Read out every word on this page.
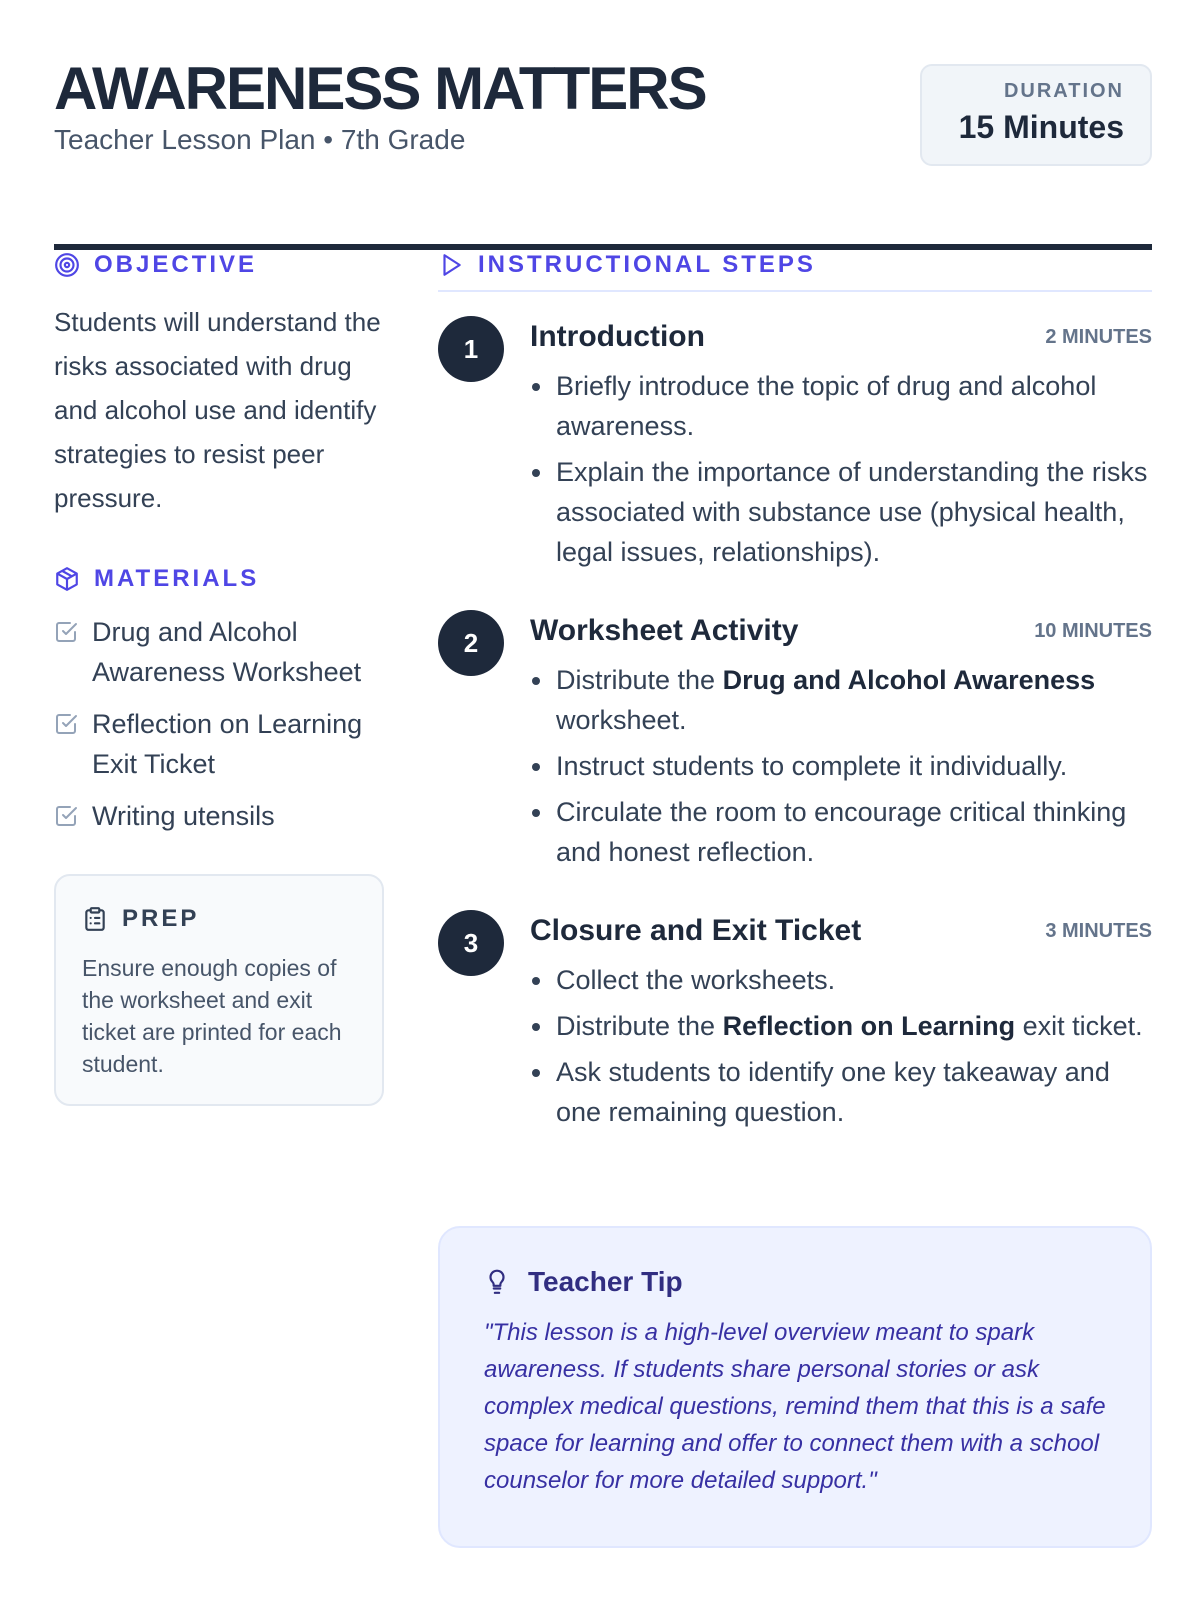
AWARENESS MATTERS
Teacher Lesson Plan • 7th Grade
DURATION
15 Minutes
OBJECTIVE

Students will understand the risks associated with drug and alcohol use and identify strategies to resist peer pressure.

MATERIALS
Drug and Alcohol Awareness Worksheet
Reflection on Learning Exit Ticket
Writing utensils
PREP

Ensure enough copies of the worksheet and exit ticket are printed for each student.

INSTRUCTIONAL STEPS
1	Introduction	2 MINUTES
Briefly introduce the topic of drug and alcohol awareness.
Explain the importance of understanding the risks associated with substance use (physical health, legal issues, relationships).
2	Worksheet Activity	10 MINUTES
Distribute the Drug and Alcohol Awareness worksheet.
Instruct students to complete it individually.
Circulate the room to encourage critical thinking and honest reflection.
3	Closure and Exit Ticket	3 MINUTES
Collect the worksheets.
Distribute the Reflection on Learning exit ticket.
Ask students to identify one key takeaway and one remaining question.
Teacher Tip

"This lesson is a high-level overview meant to spark awareness. If students share personal stories or ask complex medical questions, remind them that this is a safe space for learning and offer to connect them with a school counselor for more detailed support."
